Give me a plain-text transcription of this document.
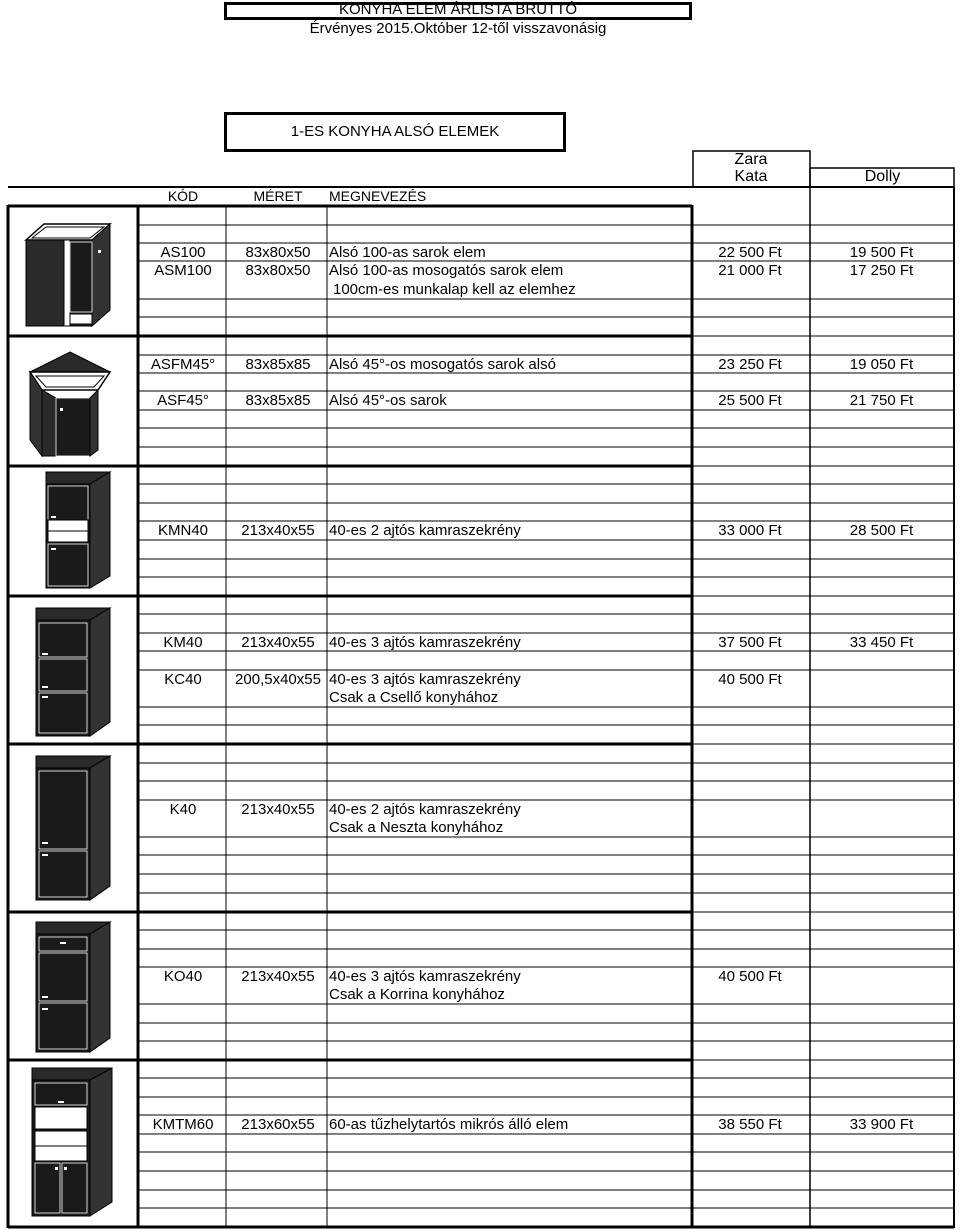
KONYHA ELEM ÁRLISTA BRUTTÓ
Érvényes 2015.Október 12-től visszavonásig
1-ES KONYHA ALSÓ ELEMEK
KÓD	MÉRET	MEGNEVEZÉS
Zara
Kata	Dolly
AS100	83x80x50	Alsó 100-as sarok elem	22 500 Ft	19 500 Ft
ASM100	83x80x50	Alsó 100-as mosogatós sarok elem	21 000 Ft	17 250 Ft
100cm-es munkalap kell az elemhez
ASFM45°	83x85x85	Alsó 45°-os mosogatós sarok alsó	23 250 Ft	19 050 Ft
ASF45°	83x85x85	Alsó 45°-os sarok	25 500 Ft	21 750 Ft
KMN40	213x40x55 40-es 2 ajtós kamraszekrény	33 000 Ft	28 500 Ft
KM40	213x40x55 40-es 3 ajtós kamraszekrény	37 500 Ft	33 450 Ft
KC40	200,5x40x55 40-es 3 ajtós kamraszekrény	40 500 Ft
Csak a Csellő konyhához
K40	213x40x55 40-es 2 ajtós kamraszekrény
Csak a Neszta konyhához
KO40	213x40x55 40-es 3 ajtós kamraszekrény	40 500 Ft
Csak a Korrina konyhához
KMTM60	213x60x55 60-as tűzhelytartós mikrós álló elem	38 550 Ft	33 900 Ft
